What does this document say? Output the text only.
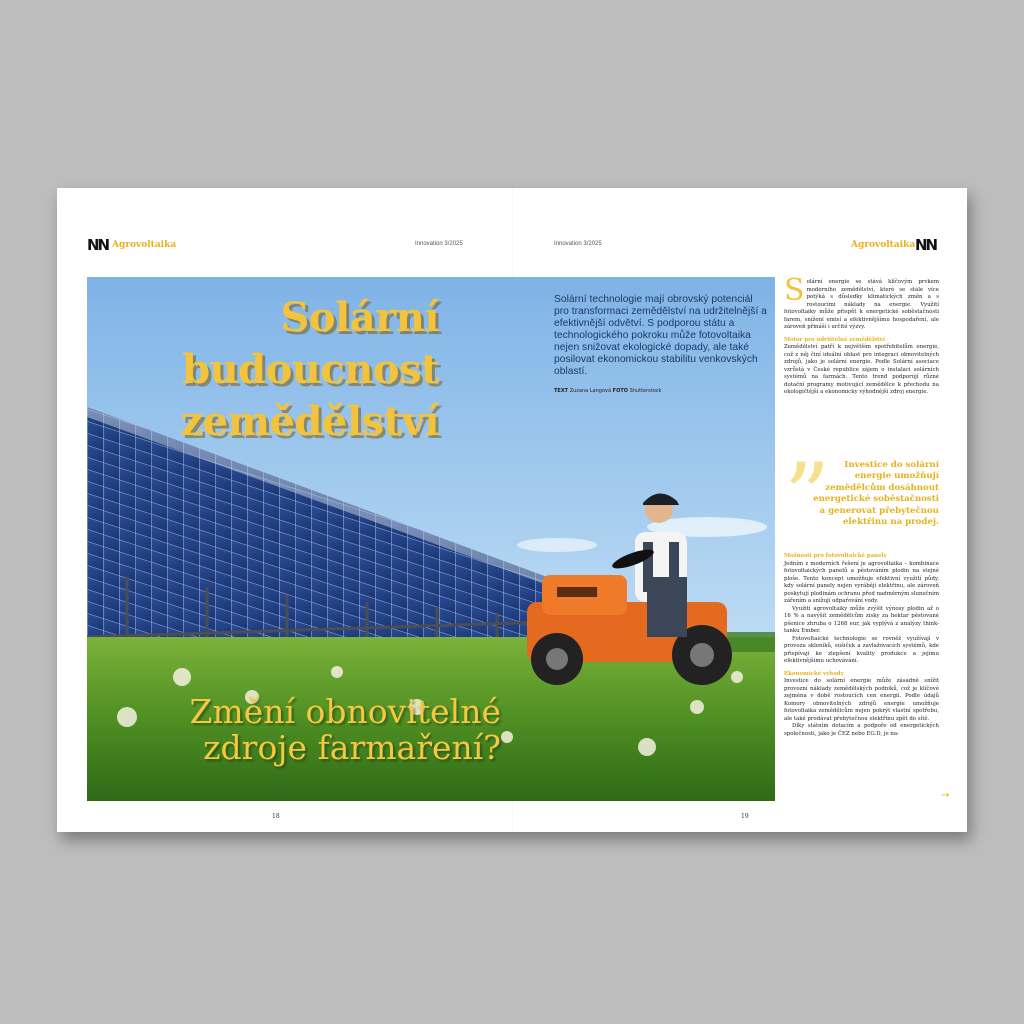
NN Agrovoltaika	Innovation 3/2025	Innovation 3/2025	Agrovoltaika NN
Solární
budoucnost
zemědělství
Změní obnovitelné
zdroje farmaření?
Solární technologie mají obrovský potenciál pro transformaci zemědělství na udržitelnější a efektivnější odvětví. S podporou státu a technologického pokroku může fotovoltaika nejen snižovat ekologické dopady, ale také posilovat ekonomickou stabilitu venkovských oblastí.
TEXT Zuzana Langová FOTO Shutterstock

Solární energie se stává klíčovým prvkem moderního zemědělství, které se stále více potýká s důsledky klimatických změn a s rostoucími náklady na energie. Využití fotovoltaiky může přispět k energetické soběstačnosti farem, snížení emisí a efektivnějšímu hospodaření, ale zároveň přináší i určité výzvy.

Motor pro udržitelné zemědělství

Zemědělství patří k největším spotřebitelům energie, což z něj činí ideální oblast pro integraci obnovitelných zdrojů, jako je solární energie. Podle Solární asociace vzrůstá v České republice zájem o instalaci solárních systémů na farmách. Tento trend podporují různé dotační programy motivující zemědělce k přechodu na ekologičtější a ekonomicky výhodnější zdroj energie.

”	Investice do solární energie umožňují zemědělcům dosáhnout energetické soběstačnosti a generovat přebytečnou elektřinu na prodej.

Možnosti pro fotovoltaické panely

Jedním z moderních řešení je agrovoltaika – kombinace fotovoltaických panelů a pěstováním plodin na stejné ploše. Tento koncept umožňuje efektivní využití půdy, kdy solární panely nejen vyrábějí elektřinu, ale zároveň poskytují plodinám ochranu před nadměrným slunečním zářením a snižují odpařování vody.

Využití agrovoltaiky může zvýšit výnosy plodin až o 16 % a navýšit zemědělcům zisky za hektar pěstované pšenice zhruba o 1268 eur, jak vyplývá z analýzy think-tanku Ember.

Fotovoltaické technologie se rovněž využívají v provozu skleníků, sušiček a zavlažovacích systémů, kde přispívají ke zlepšení kvality produkce a jejímu efektivnějšímu uchovávání.

Ekonomické výhody

Investice do solární energie může zásadně snížit provozní náklady zemědělských podniků, což je klíčové zejména v době rostoucích cen energií. Podle údajů Komory obnovitelných zdrojů energie umožňuje fotovoltaika zemědělcům nejen pokrýt vlastní spotřebu, ale také prodávat přebytečnou elektřinu zpět do sítě.

Díky státním dotacím a podpoře od energetických společností, jako je ČEZ nebo EG.D, je na-

→
18	19
